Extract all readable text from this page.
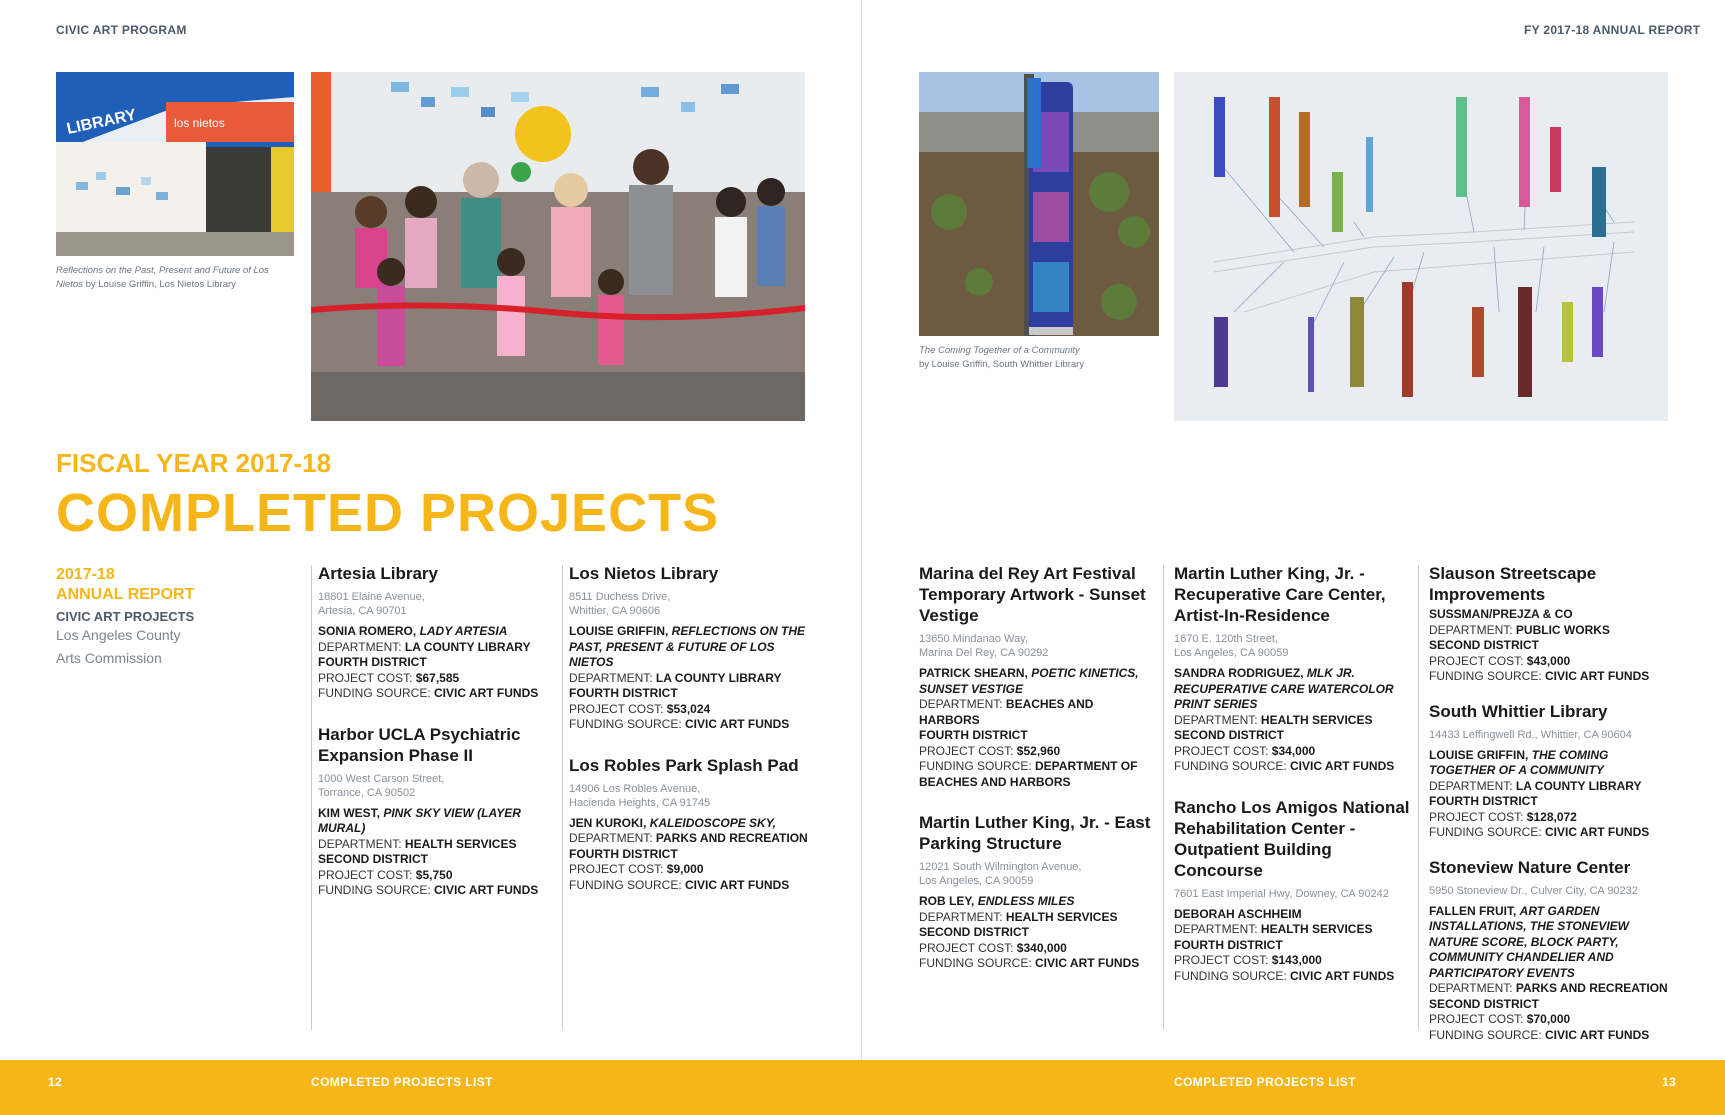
CIVIC ART PROGRAM	FY 2017-18 ANNUAL REPORT
LIBRARY	los nietos
Reflections on the Past, Present and Future of Los Nietos by Louise Griffin, Los Nietos Library
The Coming Together of a Community
by Louise Griffin, South Whittier Library
FISCAL YEAR 2017-18
COMPLETED PROJECTS
2017-18
ANNUAL REPORT
CIVIC ART PROJECTS
Los Angeles County
Arts Commission
Artesia Library
18801 Elaine Avenue,
Artesia, CA 90701
SONIA ROMERO, LADY ARTESIA
DEPARTMENT: LA COUNTY LIBRARY
FOURTH DISTRICT
PROJECT COST: $67,585
FUNDING SOURCE: CIVIC ART FUNDS
Harbor UCLA Psychiatric Expansion Phase II
1000 West Carson Street,
Torrance, CA 90502
KIM WEST, PINK SKY VIEW (LAYER MURAL)
DEPARTMENT: HEALTH SERVICES
SECOND DISTRICT
PROJECT COST: $5,750
FUNDING SOURCE: CIVIC ART FUNDS
Los Nietos Library
8511 Duchess Drive,
Whittier, CA 90606
LOUISE GRIFFIN, REFLECTIONS ON THE PAST, PRESENT & FUTURE OF LOS NIETOS
DEPARTMENT: LA COUNTY LIBRARY
FOURTH DISTRICT
PROJECT COST: $53,024
FUNDING SOURCE: CIVIC ART FUNDS
Los Robles Park Splash Pad
14906 Los Robles Avenue,
Hacienda Heights, CA 91745
JEN KUROKI, KALEIDOSCOPE SKY,
DEPARTMENT: PARKS AND RECREATION
FOURTH DISTRICT
PROJECT COST: $9,000
FUNDING SOURCE: CIVIC ART FUNDS
Marina del Rey Art Festival Temporary Artwork - Sunset Vestige
13650 Mindanao Way,
Marina Del Rey, CA 90292
PATRICK SHEARN, POETIC KINETICS, SUNSET VESTIGE
DEPARTMENT: BEACHES AND HARBORS
FOURTH DISTRICT
PROJECT COST: $52,960
FUNDING SOURCE: DEPARTMENT OF BEACHES AND HARBORS
Martin Luther King, Jr. - East Parking Structure
12021 South Wilmington Avenue,
Los Angeles, CA 90059
ROB LEY, ENDLESS MILES
DEPARTMENT: HEALTH SERVICES
SECOND DISTRICT
PROJECT COST: $340,000
FUNDING SOURCE: CIVIC ART FUNDS
Martin Luther King, Jr. - Recuperative Care Center, Artist-In-Residence
1670 E. 120th Street,
Los Angeles, CA 90059
SANDRA RODRIGUEZ, MLK JR. RECUPERATIVE CARE WATERCOLOR PRINT SERIES
DEPARTMENT: HEALTH SERVICES
SECOND DISTRICT
PROJECT COST: $34,000
FUNDING SOURCE: CIVIC ART FUNDS
Rancho Los Amigos National Rehabilitation Center - Outpatient Building Concourse
7601 East Imperial Hwy, Downey, CA 90242
DEBORAH ASCHHEIM
DEPARTMENT: HEALTH SERVICES
FOURTH DISTRICT
PROJECT COST: $143,000
FUNDING SOURCE: CIVIC ART FUNDS
Slauson Streetscape Improvements
SUSSMAN/PREJZA & CO
DEPARTMENT: PUBLIC WORKS
SECOND DISTRICT
PROJECT COST: $43,000
FUNDING SOURCE: CIVIC ART FUNDS
South Whittier Library
14433 Leffingwell Rd., Whittier, CA 90604
LOUISE GRIFFIN, THE COMING TOGETHER OF A COMMUNITY
DEPARTMENT: LA COUNTY LIBRARY
FOURTH DISTRICT
PROJECT COST: $128,072
FUNDING SOURCE: CIVIC ART FUNDS
Stoneview Nature Center
5950 Stoneview Dr., Culver City, CA 90232
FALLEN FRUIT, ART GARDEN INSTALLATIONS, THE STONEVIEW NATURE SCORE, BLOCK PARTY, COMMUNITY CHANDELIER AND PARTICIPATORY EVENTS
DEPARTMENT: PARKS AND RECREATION
SECOND DISTRICT
PROJECT COST: $70,000
FUNDING SOURCE: CIVIC ART FUNDS
12	COMPLETED PROJECTS LIST	COMPLETED PROJECTS LIST	13
